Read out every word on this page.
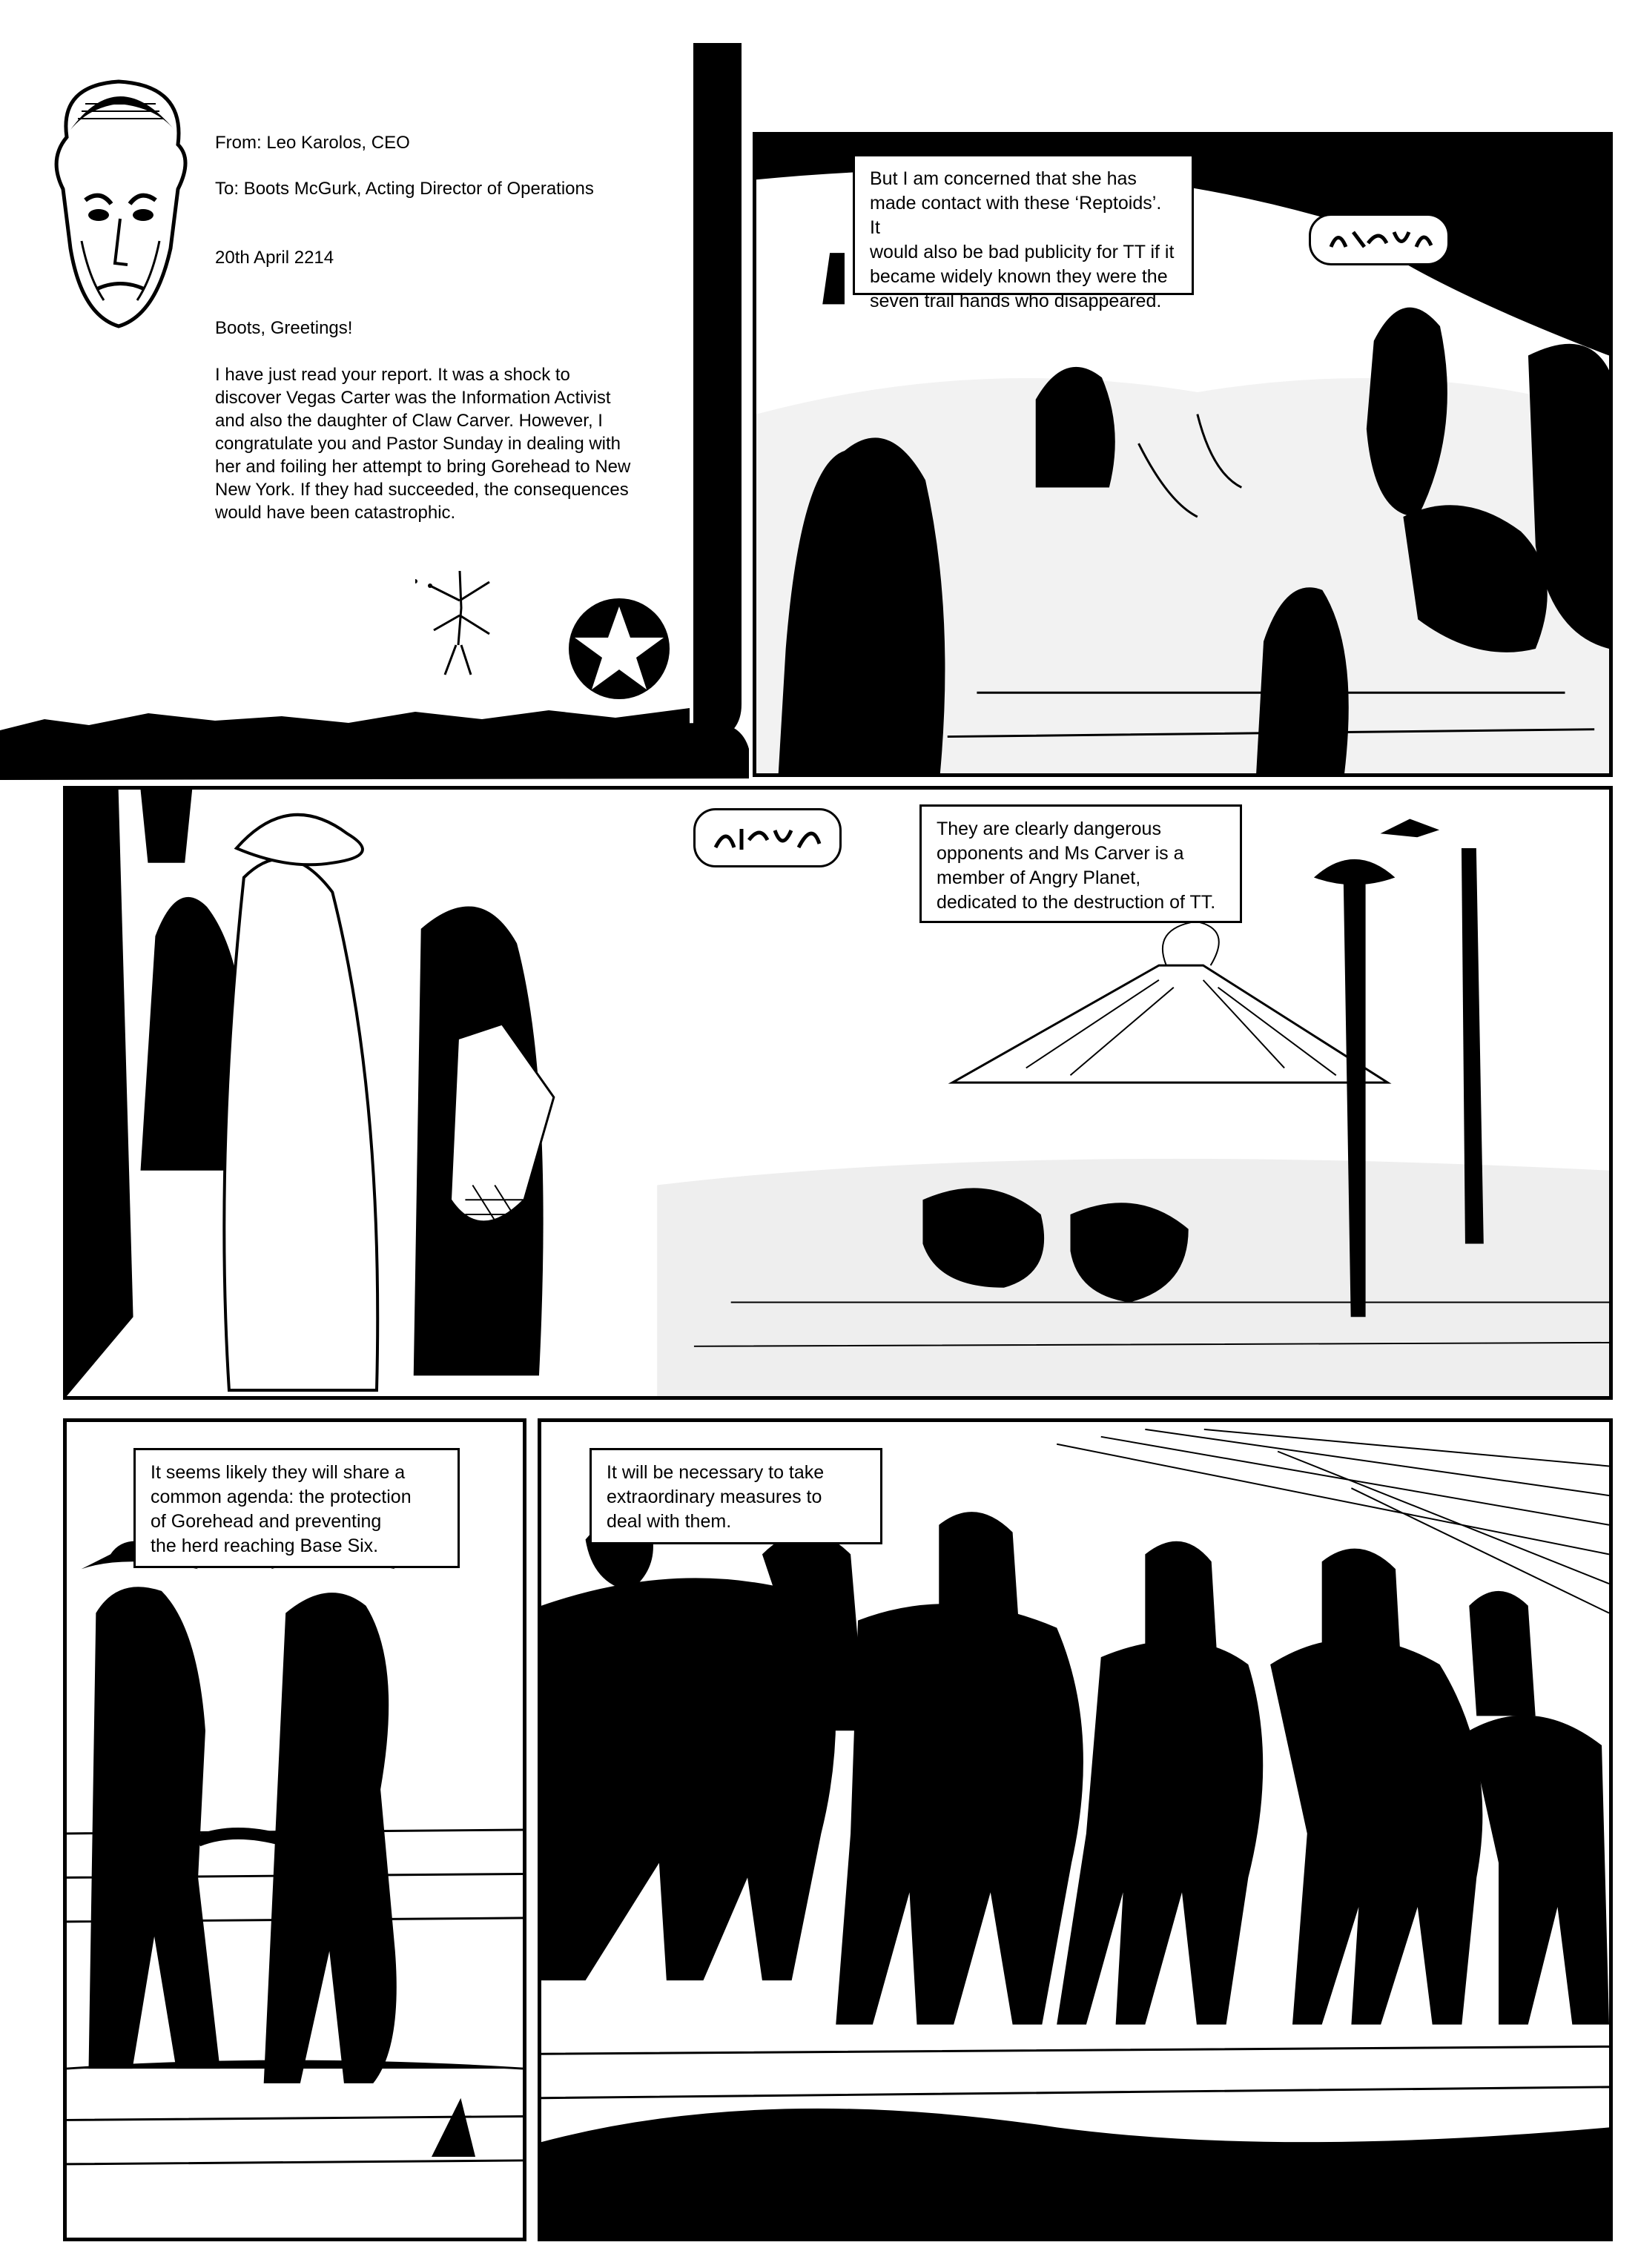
From: Leo Karolos, CEO
To: Boots McGurk, Acting Director of Operations
20th April 2214
Boots, Greetings!
I have just read your report. It was a shock to
discover Vegas Carter was the Information Activist
and also the daughter of Claw Carver. However, I
congratulate you and Pastor Sunday in dealing with
her and foiling her attempt to bring Gorehead to New
New York. If they had succeeded, the consequences
would have been catastrophic.
But I am concerned that she has
made contact with these ‘Reptoids’. It
would also be bad publicity for TT if it
became widely known they were the
seven trail hands who disappeared.
They are clearly dangerous
opponents and Ms Carver is a
member of Angry Planet,
dedicated to the destruction of TT.
It seems likely they will share a
common agenda: the protection
of Gorehead and preventing
the herd reaching Base Six.
It will be necessary to take
extraordinary measures to
deal with them.
